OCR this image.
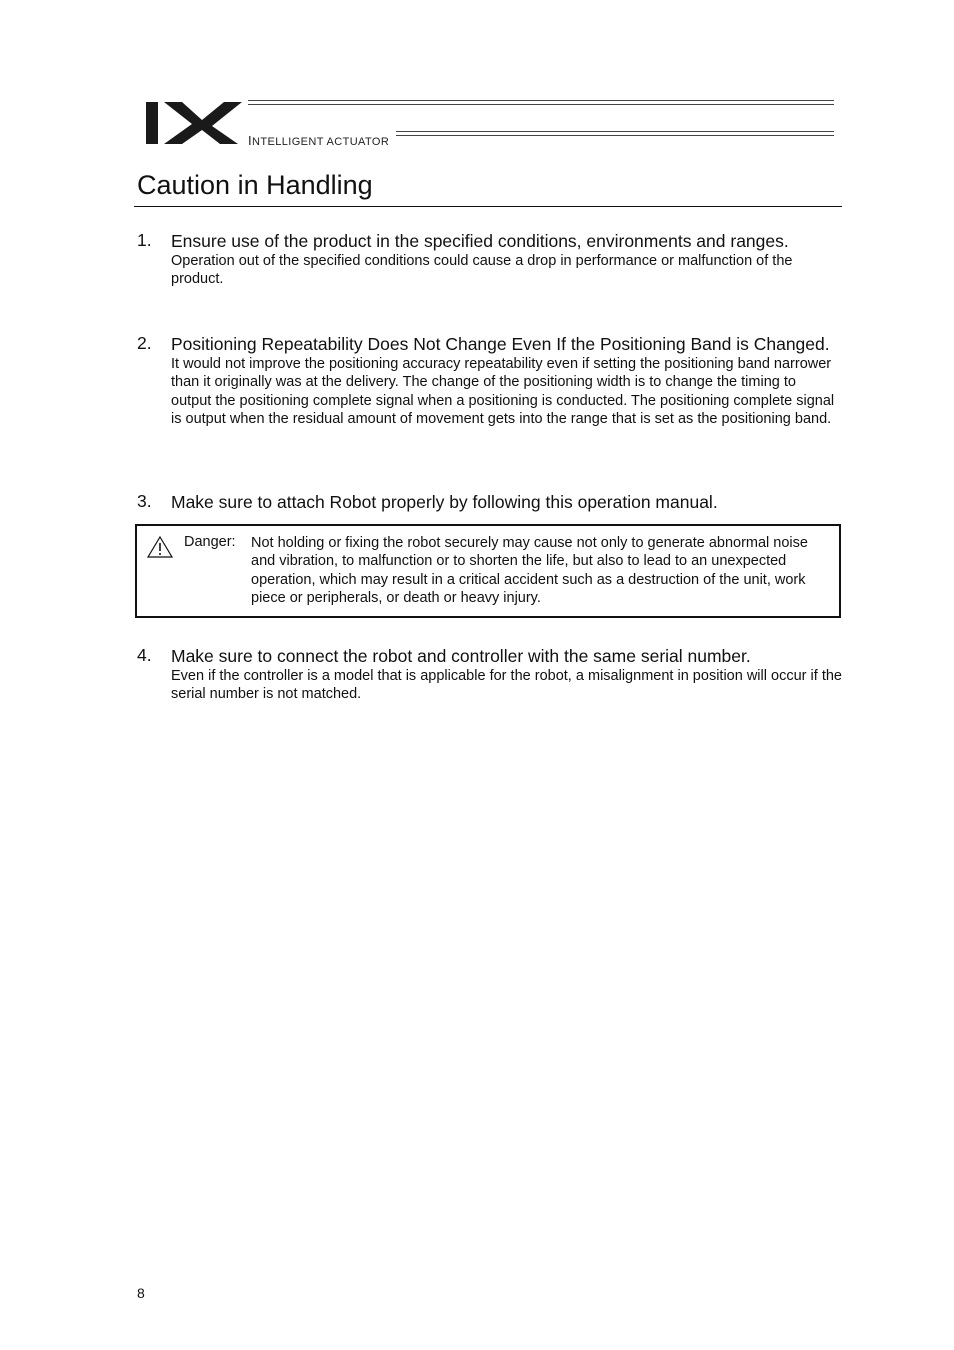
INTELLIGENT ACTUATOR
Caution in Handling
1. Ensure use of the product in the specified conditions, environments and ranges.
Operation out of the specified conditions could cause a drop in performance or malfunction of the product.
2. Positioning Repeatability Does Not Change Even If the Positioning Band is Changed.
It would not improve the positioning accuracy repeatability even if setting the positioning band narrower than it originally was at the delivery. The change of the positioning width is to change the timing to output the positioning complete signal when a positioning is conducted. The positioning complete signal is output when the residual amount of movement gets into the range that is set as the positioning band.
3. Make sure to attach Robot properly by following this operation manual.
Danger: Not holding or fixing the robot securely may cause not only to generate abnormal noise and vibration, to malfunction or to shorten the life, but also to lead to an unexpected operation, which may result in a critical accident such as a destruction of the unit, work piece or peripherals, or death or heavy injury.
4. Make sure to connect the robot and controller with the same serial number.
Even if the controller is a model that is applicable for the robot, a misalignment in position will occur if the serial number is not matched.
8
